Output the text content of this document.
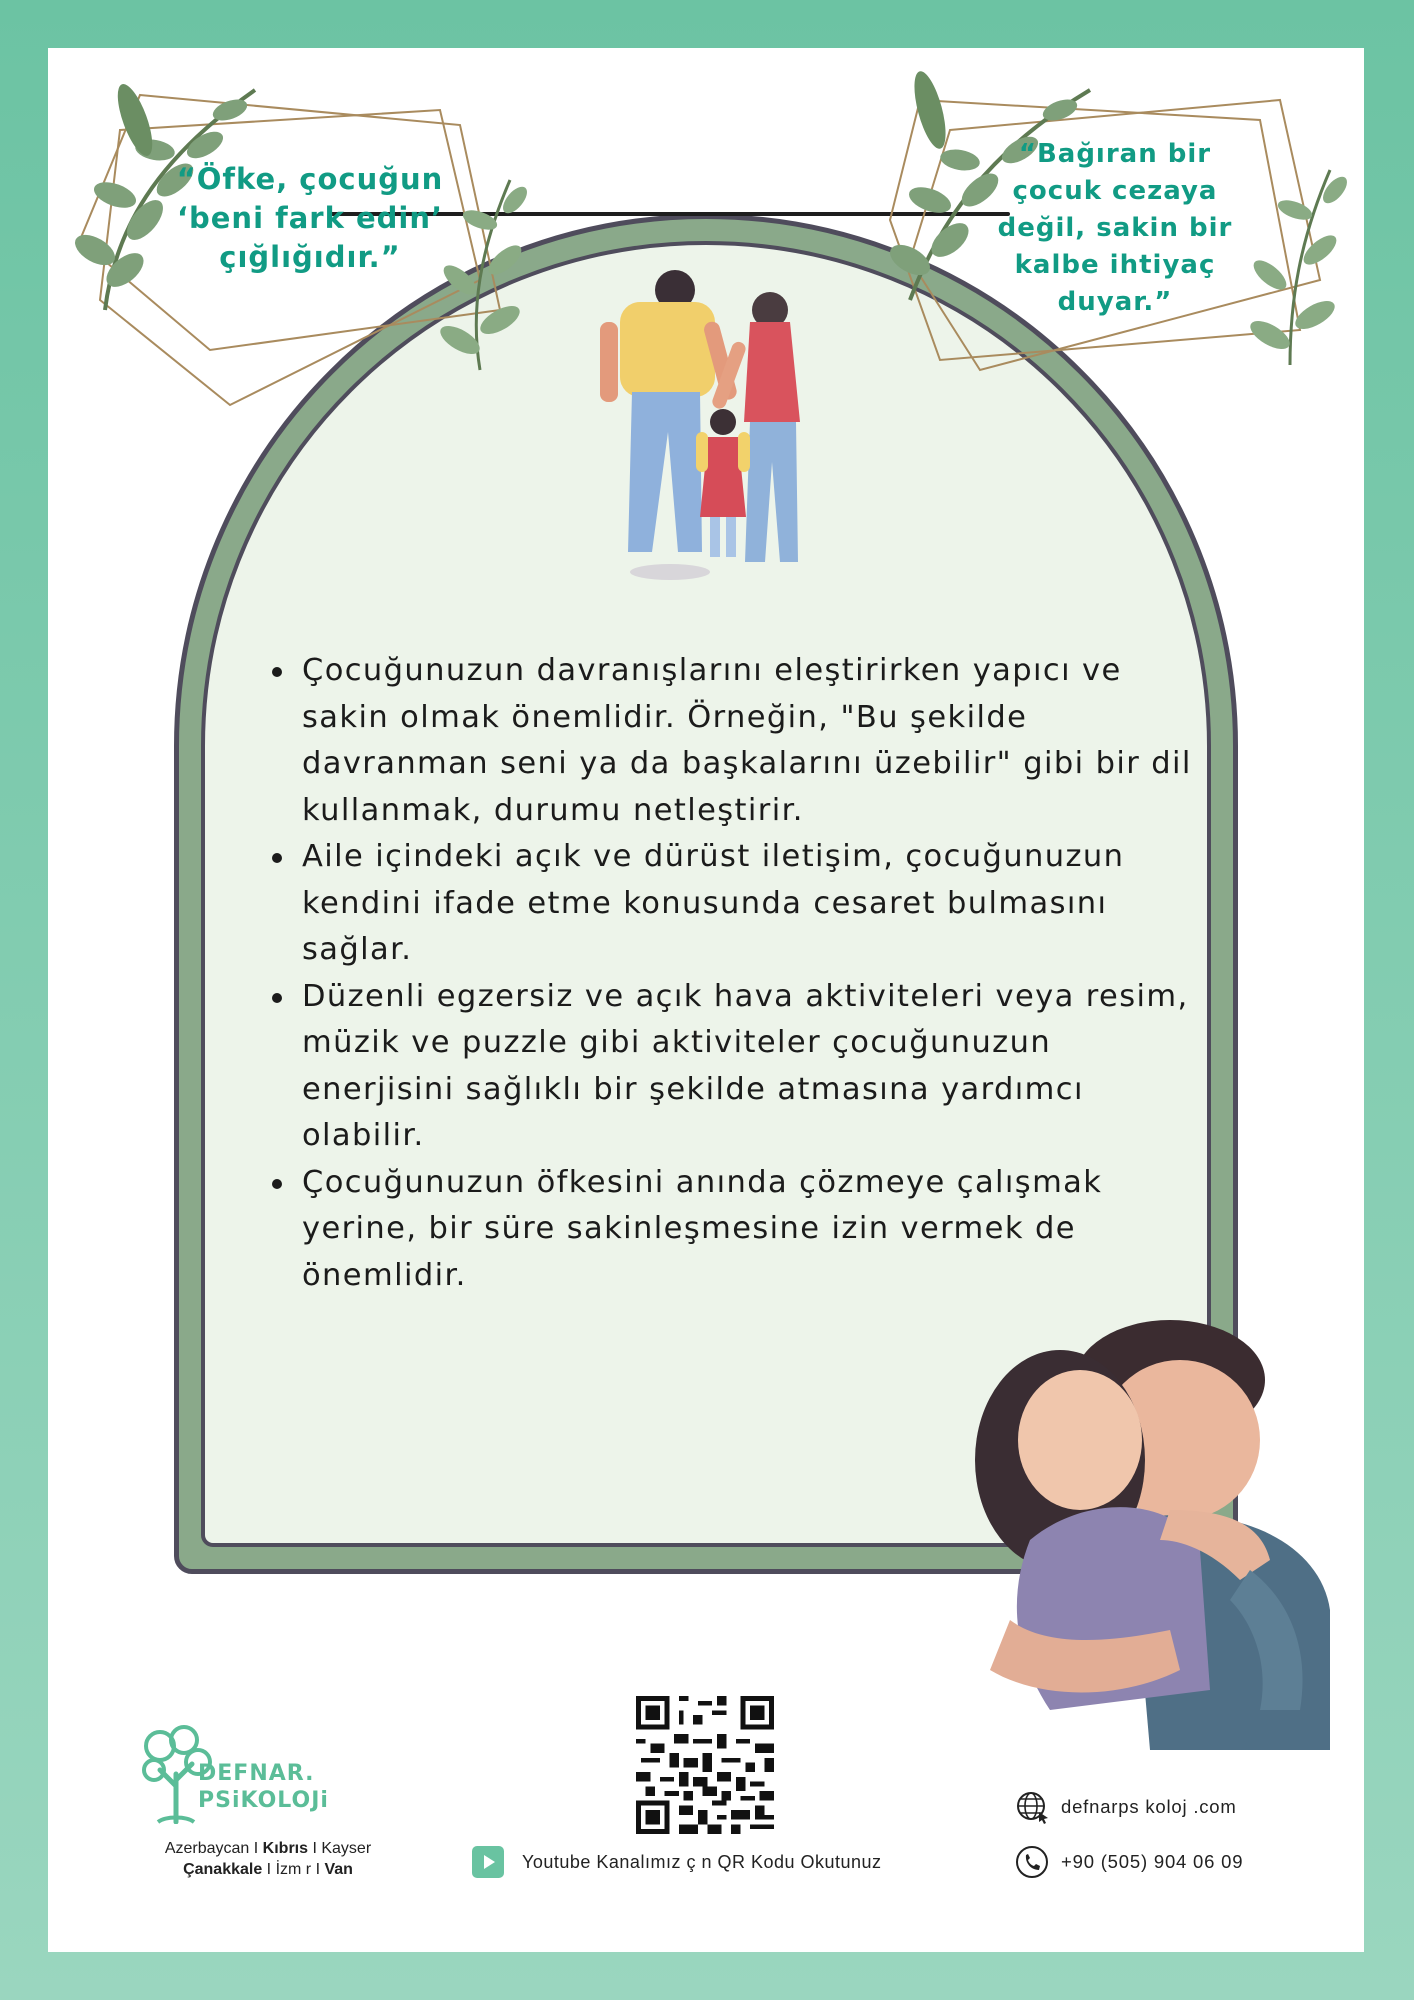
“Öfke, çocuğun ‘beni fark edin’ çığlığıdır.”
“Bağıran bir çocuk cezaya değil, sakin bir kalbe ihtiyaç duyar.”
Çocuğunuzun davranışlarını eleştirirken yapıcı ve sakin olmak önemlidir. Örneğin, "Bu şekilde davranman seni ya da başkalarını üzebilir" gibi bir dil kullanmak, durumu netleştirir.
Aile içindeki açık ve dürüst iletişim, çocuğunuzun kendini ifade etme konusunda cesaret bulmasını sağlar.
Düzenli egzersiz ve açık hava aktiviteleri veya resim, müzik ve puzzle gibi aktiviteler çocuğunuzun enerjisini sağlıklı bir şekilde atmasına yardımcı olabilir.
Çocuğunuzun öfkesini anında çözmeye çalışmak yerine, bir süre sakinleşmesine izin vermek de önemlidir.
DEFNAR.
PSiKOLOJi
Azerbaycan I Kıbrıs I Kayser
Çanakkale I İzm r I Van	Youtube Kanalımız ç n QR Kodu Okutunuz
defnarps koloj .com
+90 (505) 904 06 09
